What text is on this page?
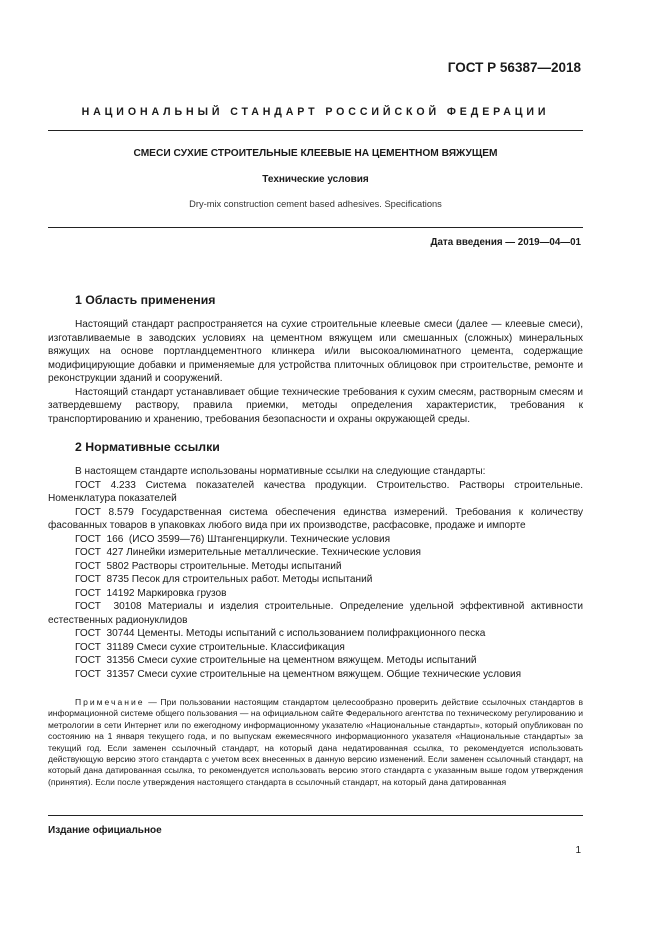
ГОСТ Р 56387—2018
НАЦИОНАЛЬНЫЙ СТАНДАРТ РОССИЙСКОЙ ФЕДЕРАЦИИ
СМЕСИ СУХИЕ СТРОИТЕЛЬНЫЕ КЛЕЕВЫЕ НА ЦЕМЕНТНОМ ВЯЖУЩЕМ
Технические условия
Dry-mix construction cement based adhesives. Specifications
Дата введения — 2019—04—01
1 Область применения

Настоящий стандарт распространяется на сухие строительные клеевые смеси (далее — клеевые смеси), изготавливаемые в заводских условиях на цементном вяжущем или смешанных (сложных) минеральных вяжущих на основе портландцементного клинкера и/или высокоалюминатного цемента, содержащие модифицирующие добавки и применяемые для устройства плиточных облицовок при строительстве, ремонте и реконструкции зданий и сооружений.

Настоящий стандарт устанавливает общие технические требования к сухим смесям, растворным смесям и затвердевшему раствору, правила приемки, методы определения характеристик, требования к транспортированию и хранению, требования безопасности и охраны окружающей среды.

2 Нормативные ссылки
В настоящем стандарте использованы нормативные ссылки на следующие стандарты:
ГОСТ 4.233 Система показателей качества продукции. Строительство. Растворы строительные. Номенклатура показателей
ГОСТ 8.579 Государственная система обеспечения единства измерений. Требования к количеству фасованных товаров в упаковках любого вида при их производстве, расфасовке, продаже и импорте
ГОСТ  166  (ИСО 3599—76) Штангенциркули. Технические условия
ГОСТ  427 Линейки измерительные металлические. Технические условия
ГОСТ  5802 Растворы строительные. Методы испытаний
ГОСТ  8735 Песок для строительных работ. Методы испытаний
ГОСТ  14192 Маркировка грузов
ГОСТ  30108 Материалы и изделия строительные. Определение удельной эффективной активности естественных радионуклидов
ГОСТ  30744 Цементы. Методы испытаний с использованием полифракционного песка
ГОСТ  31189 Смеси сухие строительные. Классификация
ГОСТ  31356 Смеси сухие строительные на цементном вяжущем. Методы испытаний
ГОСТ  31357 Смеси сухие строительные на цементном вяжущем. Общие технические условия
Примечание — При пользовании настоящим стандартом целесообразно проверить действие ссылочных стандартов в информационной системе общего пользования — на официальном сайте Федерального агентства по техническому регулированию и метрологии в сети Интернет или по ежегодному информационному указателю «Национальные стандарты», который опубликован по состоянию на 1 января текущего года, и по выпускам ежемесячного информационного указателя «Национальные стандарты» за текущий год. Если заменен ссылочный стандарт, на который дана недатированная ссылка, то рекомендуется использовать действующую версию этого стандарта с учетом всех внесенных в данную версию изменений. Если заменен ссылочный стандарт, на который дана датированная ссылка, то рекомендуется использовать версию этого стандарта с указанным выше годом утверждения (принятия). Если после утверждения настоящего стандарта в ссылочный стандарт, на который дана датированная
Издание официальное
1
